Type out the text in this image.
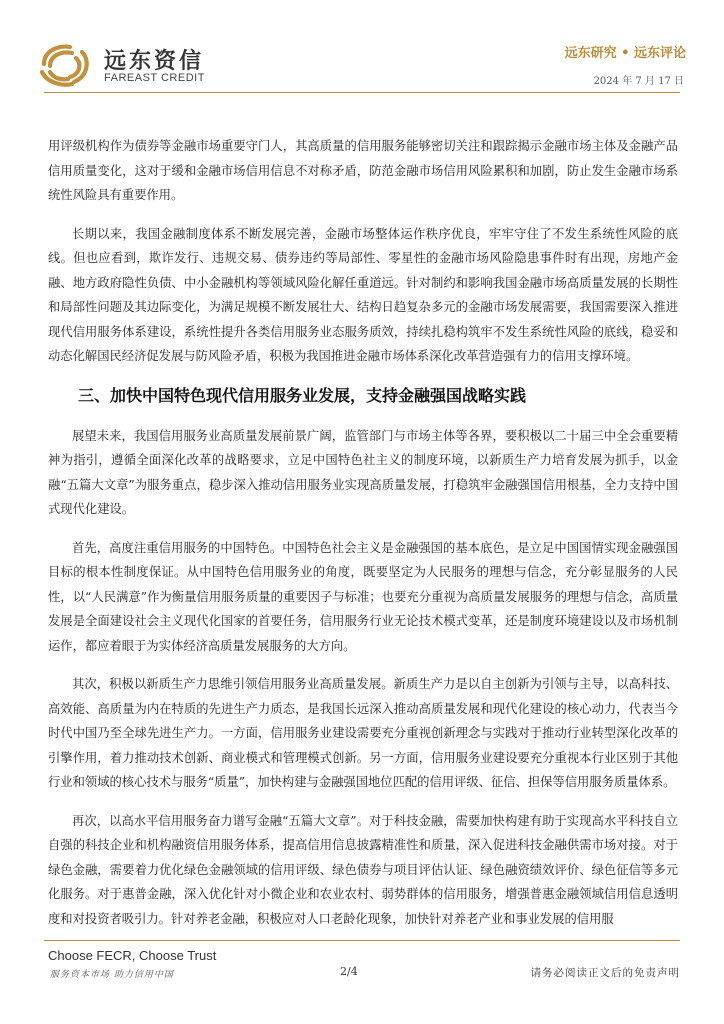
远东资信
FAREAST CREDIT
远东研究 • 远东评论
2024 年 7 月 17 日

用评级机构作为债券等金融市场重要守门人，其高质量的信用服务能够密切关注和跟踪揭示金融市场主体及金融产品信用质量变化，这对于缓和金融市场信用信息不对称矛盾，防范金融市场信用风险累积和加剧，防止发生金融市场系统性风险具有重要作用。

长期以来，我国金融制度体系不断发展完善，金融市场整体运作秩序优良，牢牢守住了不发生系统性风险的底线。但也应看到，欺诈发行、违规交易、债券违约等局部性、零星性的金融市场风险隐患事件时有出现，房地产金融、地方政府隐性负债、中小金融机构等领域风险化解任重道远。针对制约和影响我国金融市场高质量发展的长期性和局部性问题及其边际变化，为满足规模不断发展壮大、结构日趋复杂多元的金融市场发展需要，我国需要深入推进现代信用服务体系建设，系统性提升各类信用服务业态服务质效，持续扎稳构筑牢不发生系统性风险的底线，稳妥和动态化解国民经济促发展与防风险矛盾，积极为我国推进金融市场体系深化改革营造强有力的信用支撑环境。

三、加快中国特色现代信用服务业发展，支持金融强国战略实践

展望未来，我国信用服务业高质量发展前景广阔，监管部门与市场主体等各界，要积极以二十届三中全会重要精神为指引，遵循全面深化改革的战略要求，立足中国特色社主义的制度环境，以新质生产力培育发展为抓手，以金融“五篇大文章”为服务重点，稳步深入推动信用服务业实现高质量发展，打稳筑牢金融强国信用根基，全力支持中国式现代化建设。

首先，高度注重信用服务的中国特色。中国特色社会主义是金融强国的基本底色，是立足中国国情实现金融强国目标的根本性制度保证。从中国特色信用服务业的角度，既要坚定为人民服务的理想与信念，充分彰显服务的人民性，以“人民满意”作为衡量信用服务质量的重要因子与标准；也要充分重视为高质量发展服务的理想与信念，高质量发展是全面建设社会主义现代化国家的首要任务，信用服务行业无论技术模式变革，还是制度环境建设以及市场机制运作，都应着眼于为实体经济高质量发展服务的大方向。

其次，积极以新质生产力思维引领信用服务业高质量发展。新质生产力是以自主创新为引领与主导，以高科技、高效能、高质量为内在特质的先进生产力质态，是我国长远深入推动高质量发展和现代化建设的核心动力，代表当今时代中国乃至全球先进生产力。一方面，信用服务业建设需要充分重视创新理念与实践对于推动行业转型深化改革的引擎作用，着力推动技术创新、商业模式和管理模式创新。另一方面，信用服务业建设要充分重视本行业区别于其他行业和领域的核心技术与服务“质量”，加快构建与金融强国地位匹配的信用评级、征信、担保等信用服务质量体系。

再次，以高水平信用服务奋力谱写金融“五篇大文章”。对于科技金融，需要加快构建有助于实现高水平科技自立自强的科技企业和机构融资信用服务体系，提高信用信息披露精准性和质量，深入促进科技金融供需市场对接。对于绿色金融，需要着力优化绿色金融领域的信用评级、绿色债券与项目评估认证、绿色融资绩效评价、绿色征信等多元化服务。对于惠普金融，深入优化针对小微企业和农业农村、弱势群体的信用服务，增强普惠金融领域信用信息透明度和对投资者吸引力。针对养老金融，积极应对人口老龄化现象，加快针对养老产业和事业发展的信用服

Choose FECR, Choose Trust
服务资本市场 助力信用中国	2/4	请务必阅读正文后的免责声明
